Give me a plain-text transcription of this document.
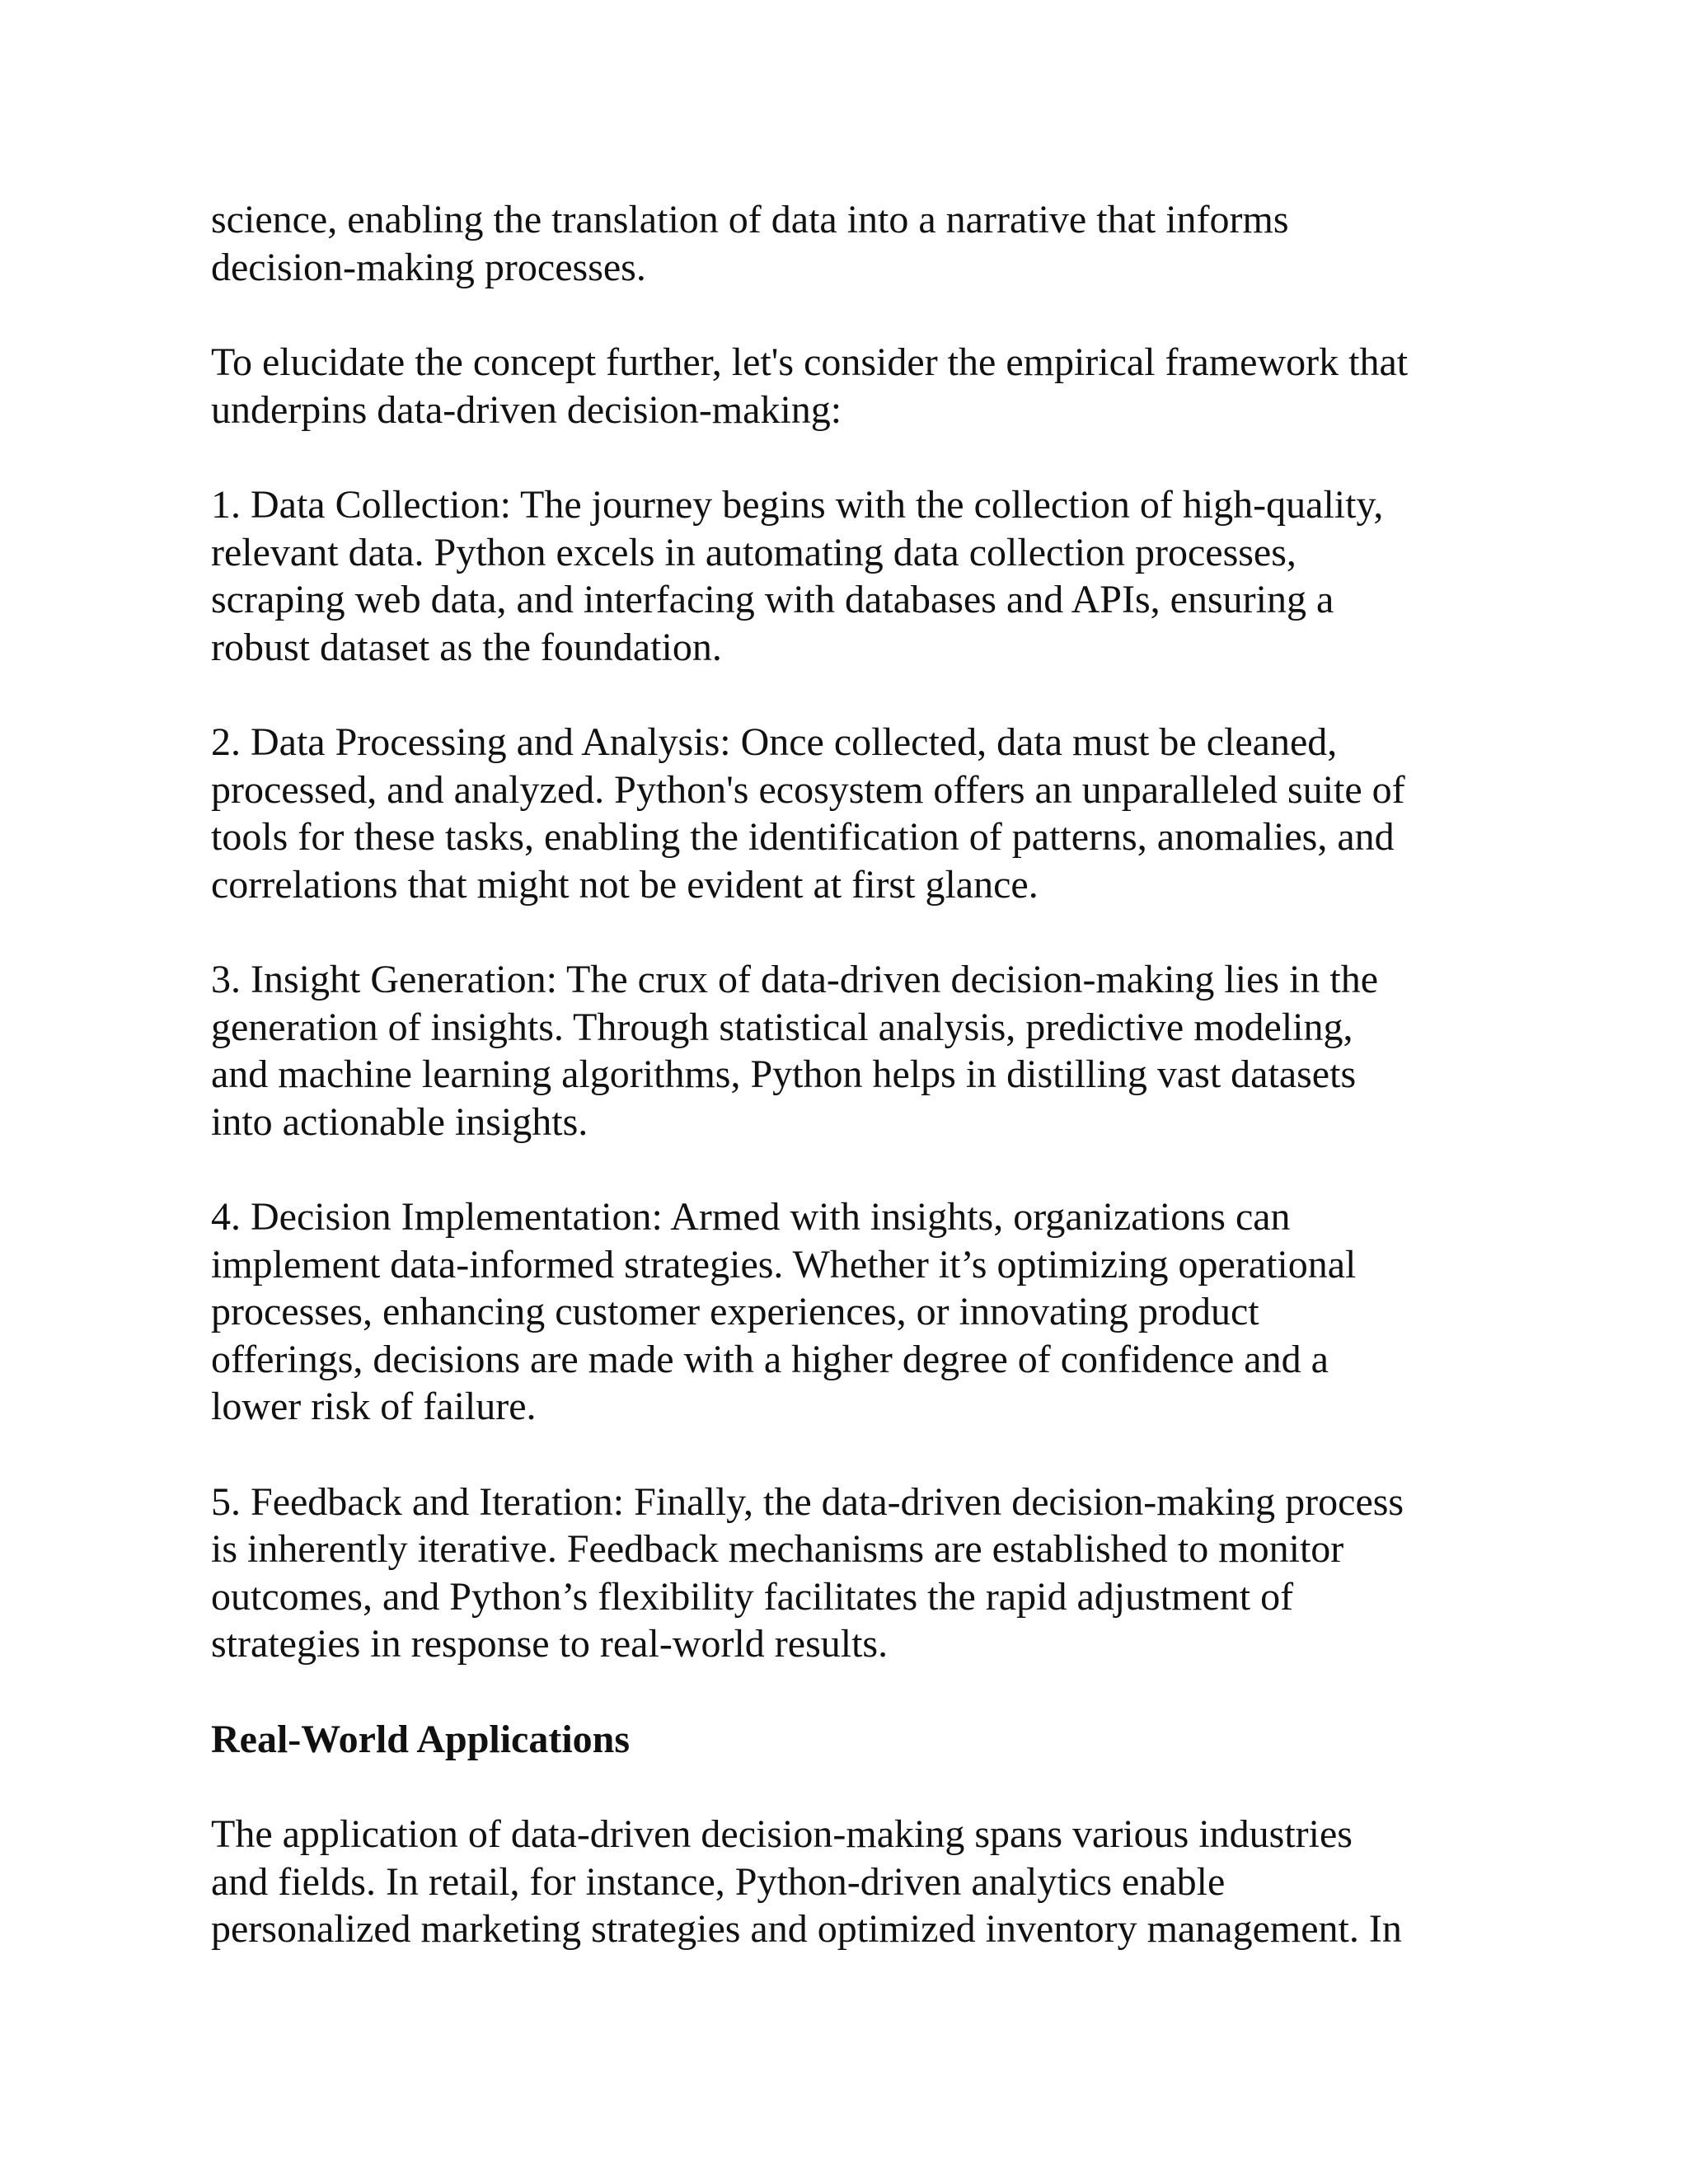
science, enabling the translation of data into a narrative that informs
decision-making processes.
To elucidate the concept further, let's consider the empirical framework that
underpins data-driven decision-making:
1. Data Collection: The journey begins with the collection of high-quality,
relevant data. Python excels in automating data collection processes,
scraping web data, and interfacing with databases and APIs, ensuring a
robust dataset as the foundation.
2. Data Processing and Analysis: Once collected, data must be cleaned,
processed, and analyzed. Python's ecosystem offers an unparalleled suite of
tools for these tasks, enabling the identification of patterns, anomalies, and
correlations that might not be evident at first glance.
3. Insight Generation: The crux of data-driven decision-making lies in the
generation of insights. Through statistical analysis, predictive modeling,
and machine learning algorithms, Python helps in distilling vast datasets
into actionable insights.
4. Decision Implementation: Armed with insights, organizations can
implement data-informed strategies. Whether it’s optimizing operational
processes, enhancing customer experiences, or innovating product
offerings, decisions are made with a higher degree of confidence and a
lower risk of failure.
5. Feedback and Iteration: Finally, the data-driven decision-making process
is inherently iterative. Feedback mechanisms are established to monitor
outcomes, and Python’s flexibility facilitates the rapid adjustment of
strategies in response to real-world results.
Real-World Applications
The application of data-driven decision-making spans various industries
and fields. In retail, for instance, Python-driven analytics enable
personalized marketing strategies and optimized inventory management. In
